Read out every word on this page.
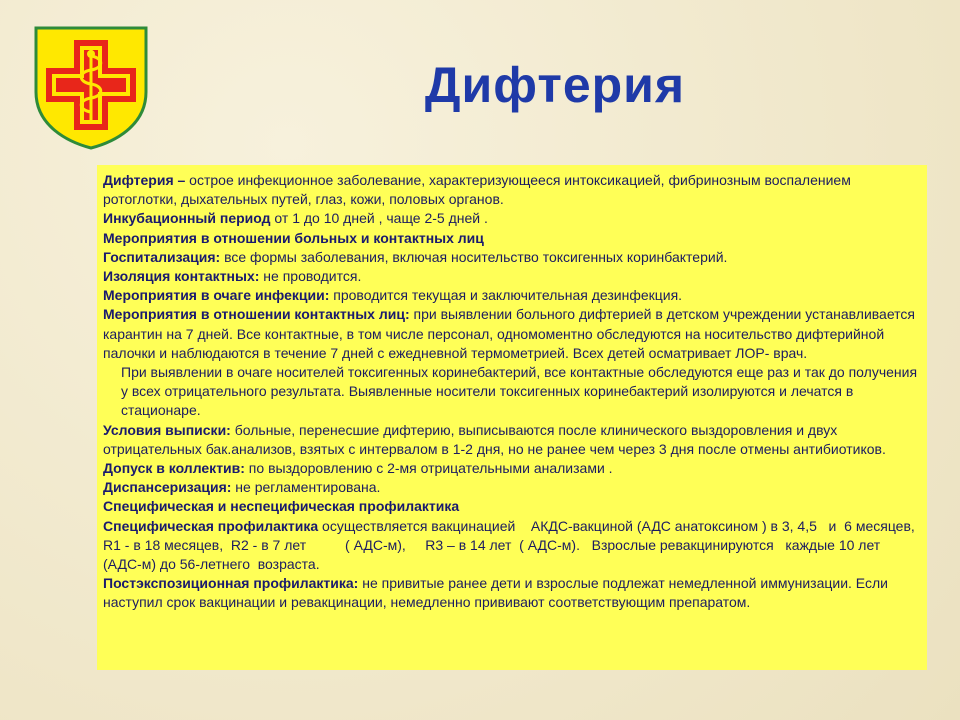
Дифтерия

Дифтерия – острое инфекционное заболевание, характеризующееся интоксикацией, фибринозным воспалением ротоглотки, дыхательных путей, глаз, кожи, половых органов.

Инкубационный период от 1 до 10 дней , чаще 2-5 дней .

Мероприятия в отношении больных и контактных лиц

Госпитализация: все формы заболевания, включая носительство токсигенных коринбактерий.

Изоляция контактных: не проводится.

Мероприятия в очаге инфекции: проводится текущая и заключительная дезинфекция.

Мероприятия в отношении контактных лиц: при выявлении больного дифтерией в детском учреждении устанавливается карантин на 7 дней. Все контактные, в том числе персонал, одномоментно обследуются на носительство дифтерийной палочки и наблюдаются в течение 7 дней с ежедневной термометрией. Всех детей осматривает ЛОР- врач.

При выявлении в очаге носителей токсигенных коринебактерий, все контактные обследуются еще раз и так до получения у всех отрицательного результата. Выявленные носители токсигенных коринебактерий изолируются и лечатся в стационаре.

Условия выписки: больные, перенесшие дифтерию, выписываются после клинического выздоровления и двух отрицательных бак.анализов, взятых с интервалом в 1-2 дня, но не ранее чем через 3 дня после отмены антибиотиков.

Допуск в коллектив: по выздоровлению с 2-мя отрицательными анализами .

Диспансеризация: не регламентирована.

Специфическая и неспецифическая профилактика

Специфическая профилактика осуществляется вакцинацией    АКДС-вакциной (АДС анатоксином ) в 3, 4,5   и  6 месяцев,  R1 - в 18 месяцев,  R2 - в 7 лет          ( АДС-м),     R3 – в 14 лет  ( АДС-м).   Взрослые ревакцинируются   каждые 10 лет  (АДС-м) до 56-летнего  возраста.

Постэкспозиционная профилактика: не привитые ранее дети и взрослые подлежат немедленной иммунизации. Если наступил срок вакцинации и ревакцинации, немедленно прививают соответствующим препаратом.
